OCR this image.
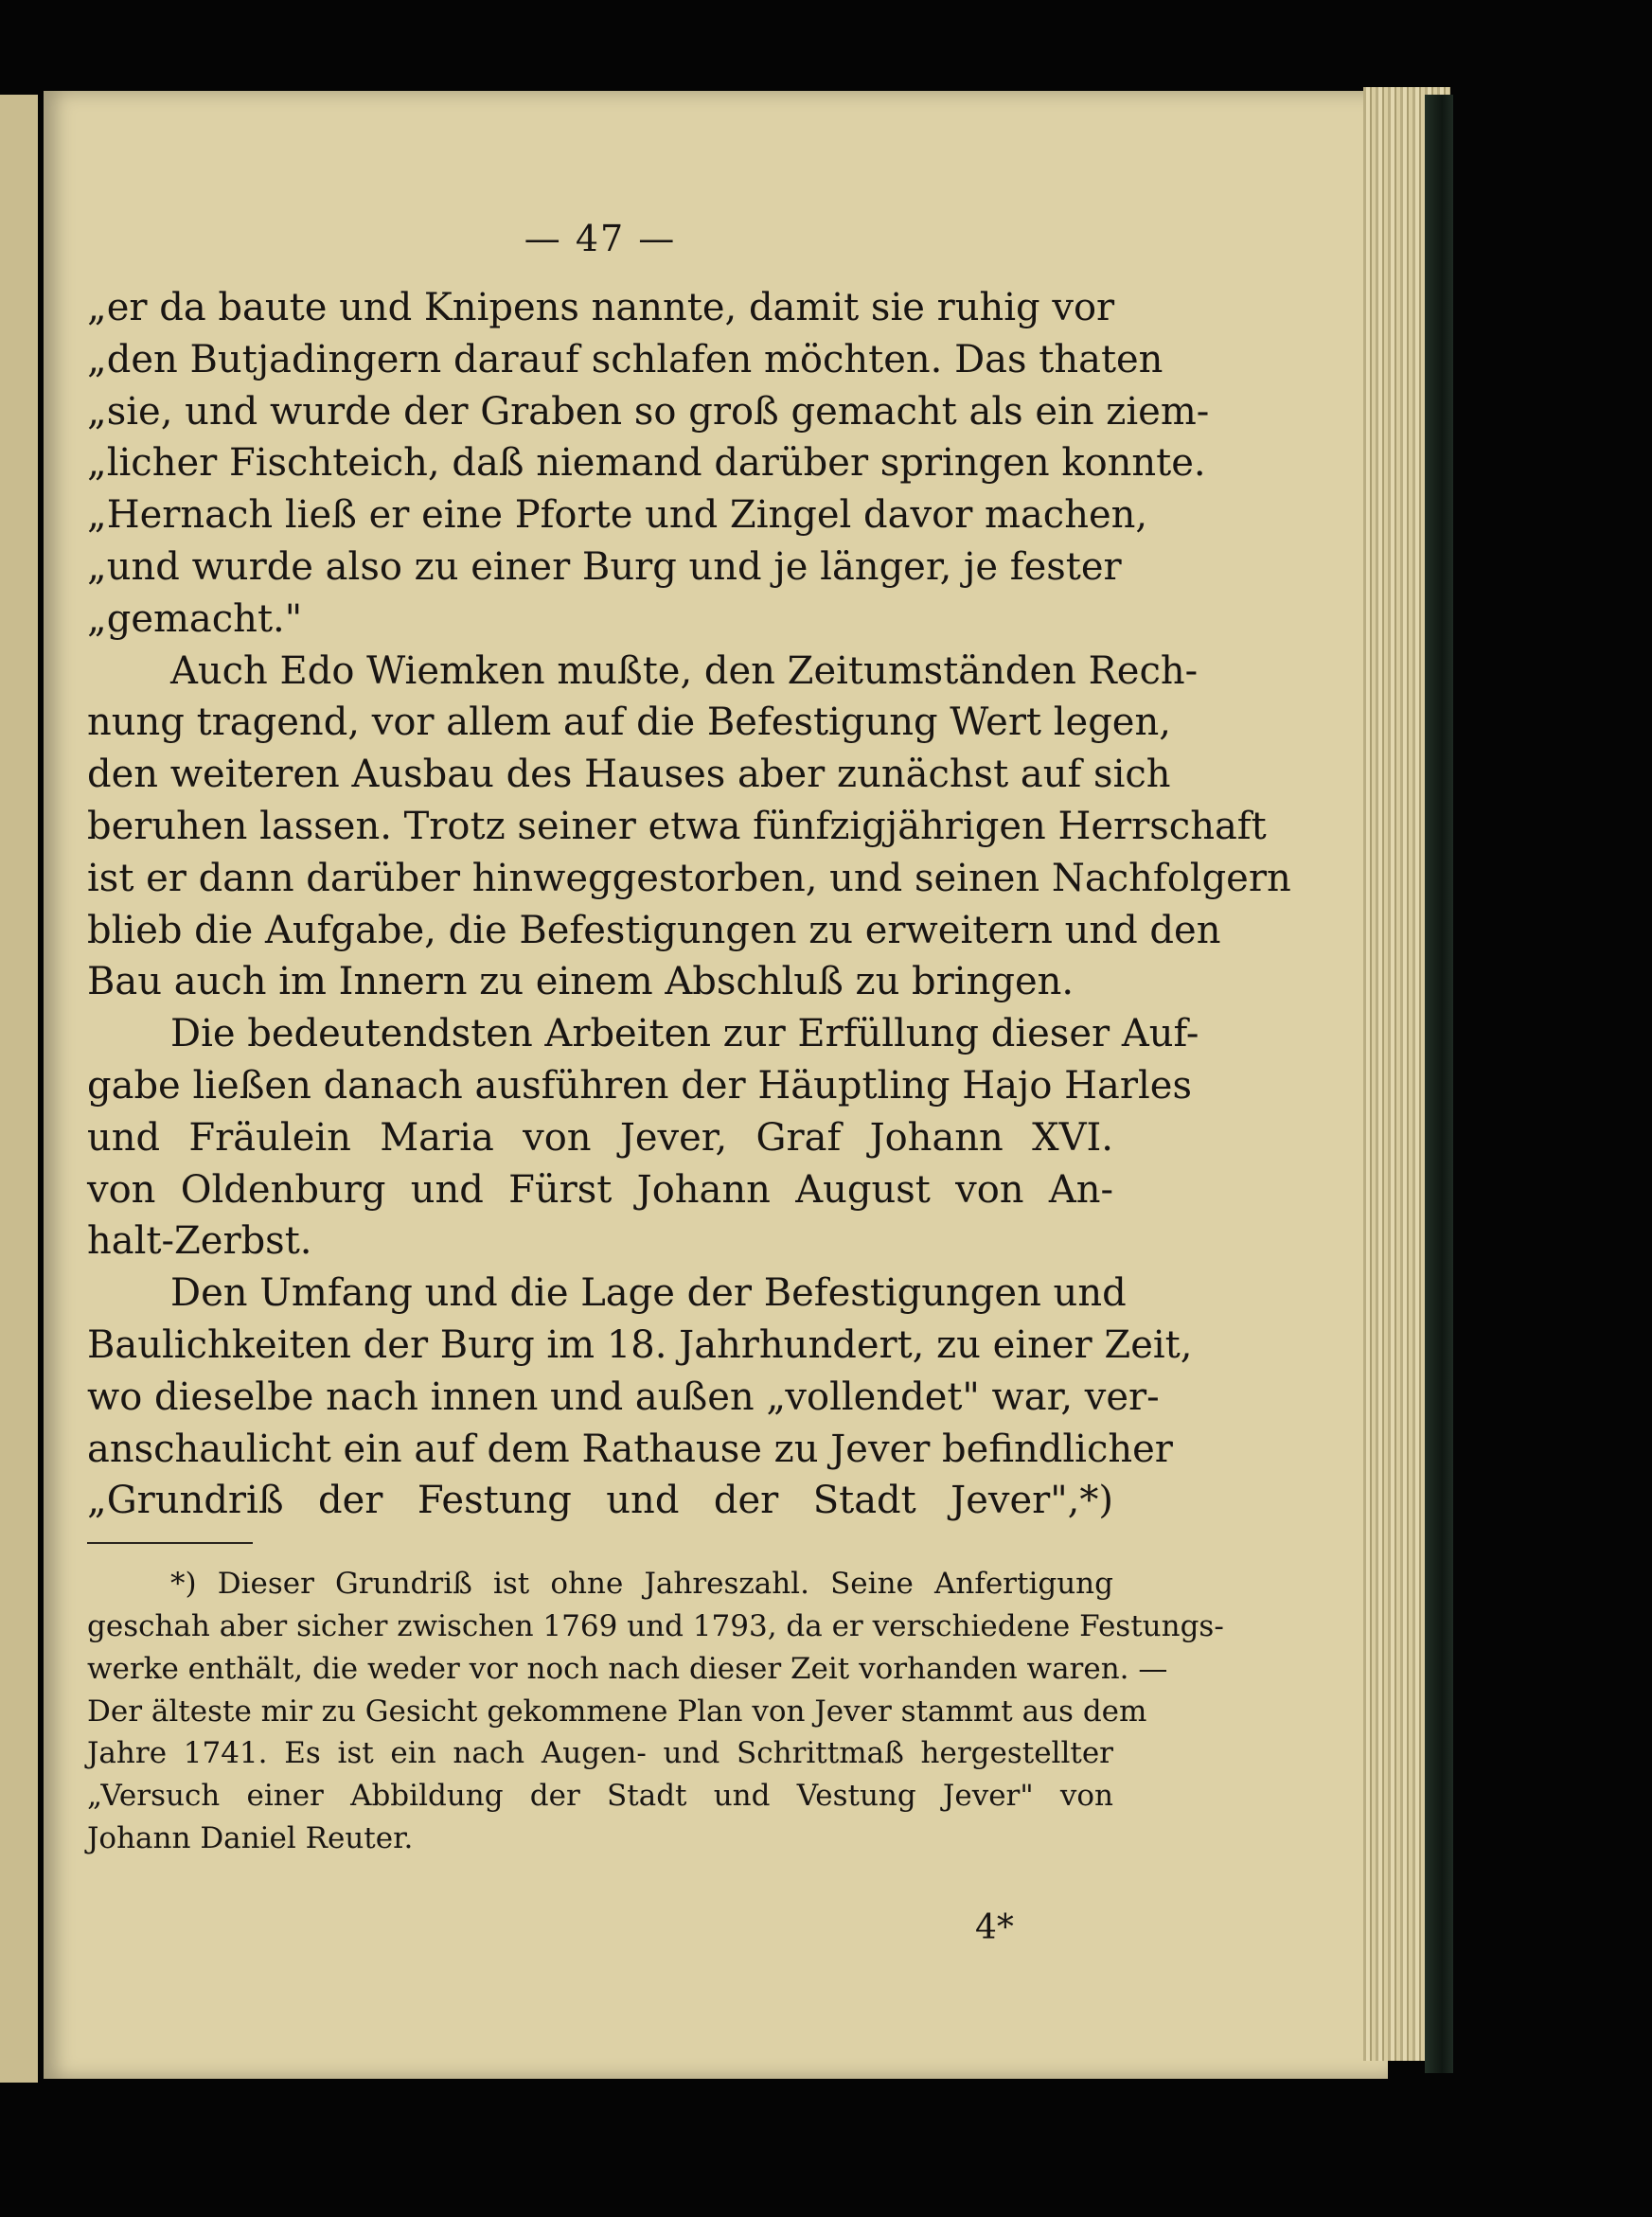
— 47 —

„er da baute und Knipens nannte, damit sie ruhig vor

„den Butjadingern darauf schlafen möchten. Das thaten

„sie, und wurde der Graben so groß gemacht als ein ziem-

„licher Fischteich, daß niemand darüber springen konnte.

„Hernach ließ er eine Pforte und Zingel davor machen,

„und wurde also zu einer Burg und je länger, je fester

„gemacht."

Auch Edo Wiemken mußte, den Zeitumständen Rech-

nung tragend, vor allem auf die Befestigung Wert legen,

den weiteren Ausbau des Hauses aber zunächst auf sich

beruhen lassen. Trotz seiner etwa fünfzigjährigen Herrschaft

ist er dann darüber hinweggestorben, und seinen Nachfolgern

blieb die Aufgabe, die Befestigungen zu erweitern und den

Bau auch im Innern zu einem Abschluß zu bringen.

Die bedeutendsten Arbeiten zur Erfüllung dieser Auf-

gabe ließen danach ausführen der Häuptling Hajo Harles

und Fräulein Maria von Jever, Graf Johann XVI.

von Oldenburg und Fürst Johann August von An-

halt-Zerbst.

Den Umfang und die Lage der Befestigungen und

Baulichkeiten der Burg im 18. Jahrhundert, zu einer Zeit,

wo dieselbe nach innen und außen „vollendet" war, ver-

anschaulicht ein auf dem Rathause zu Jever befindlicher

„Grundriß der Festung und der Stadt Jever",*)

*) Dieser Grundriß ist ohne Jahreszahl. Seine Anfertigung

geschah aber sicher zwischen 1769 und 1793, da er verschiedene Festungs-

werke enthält, die weder vor noch nach dieser Zeit vorhanden waren. —

Der älteste mir zu Gesicht gekommene Plan von Jever stammt aus dem

Jahre 1741. Es ist ein nach Augen- und Schrittmaß hergestellter

„Versuch einer Abbildung der Stadt und Vestung Jever" von

Johann Daniel Reuter.

4*
